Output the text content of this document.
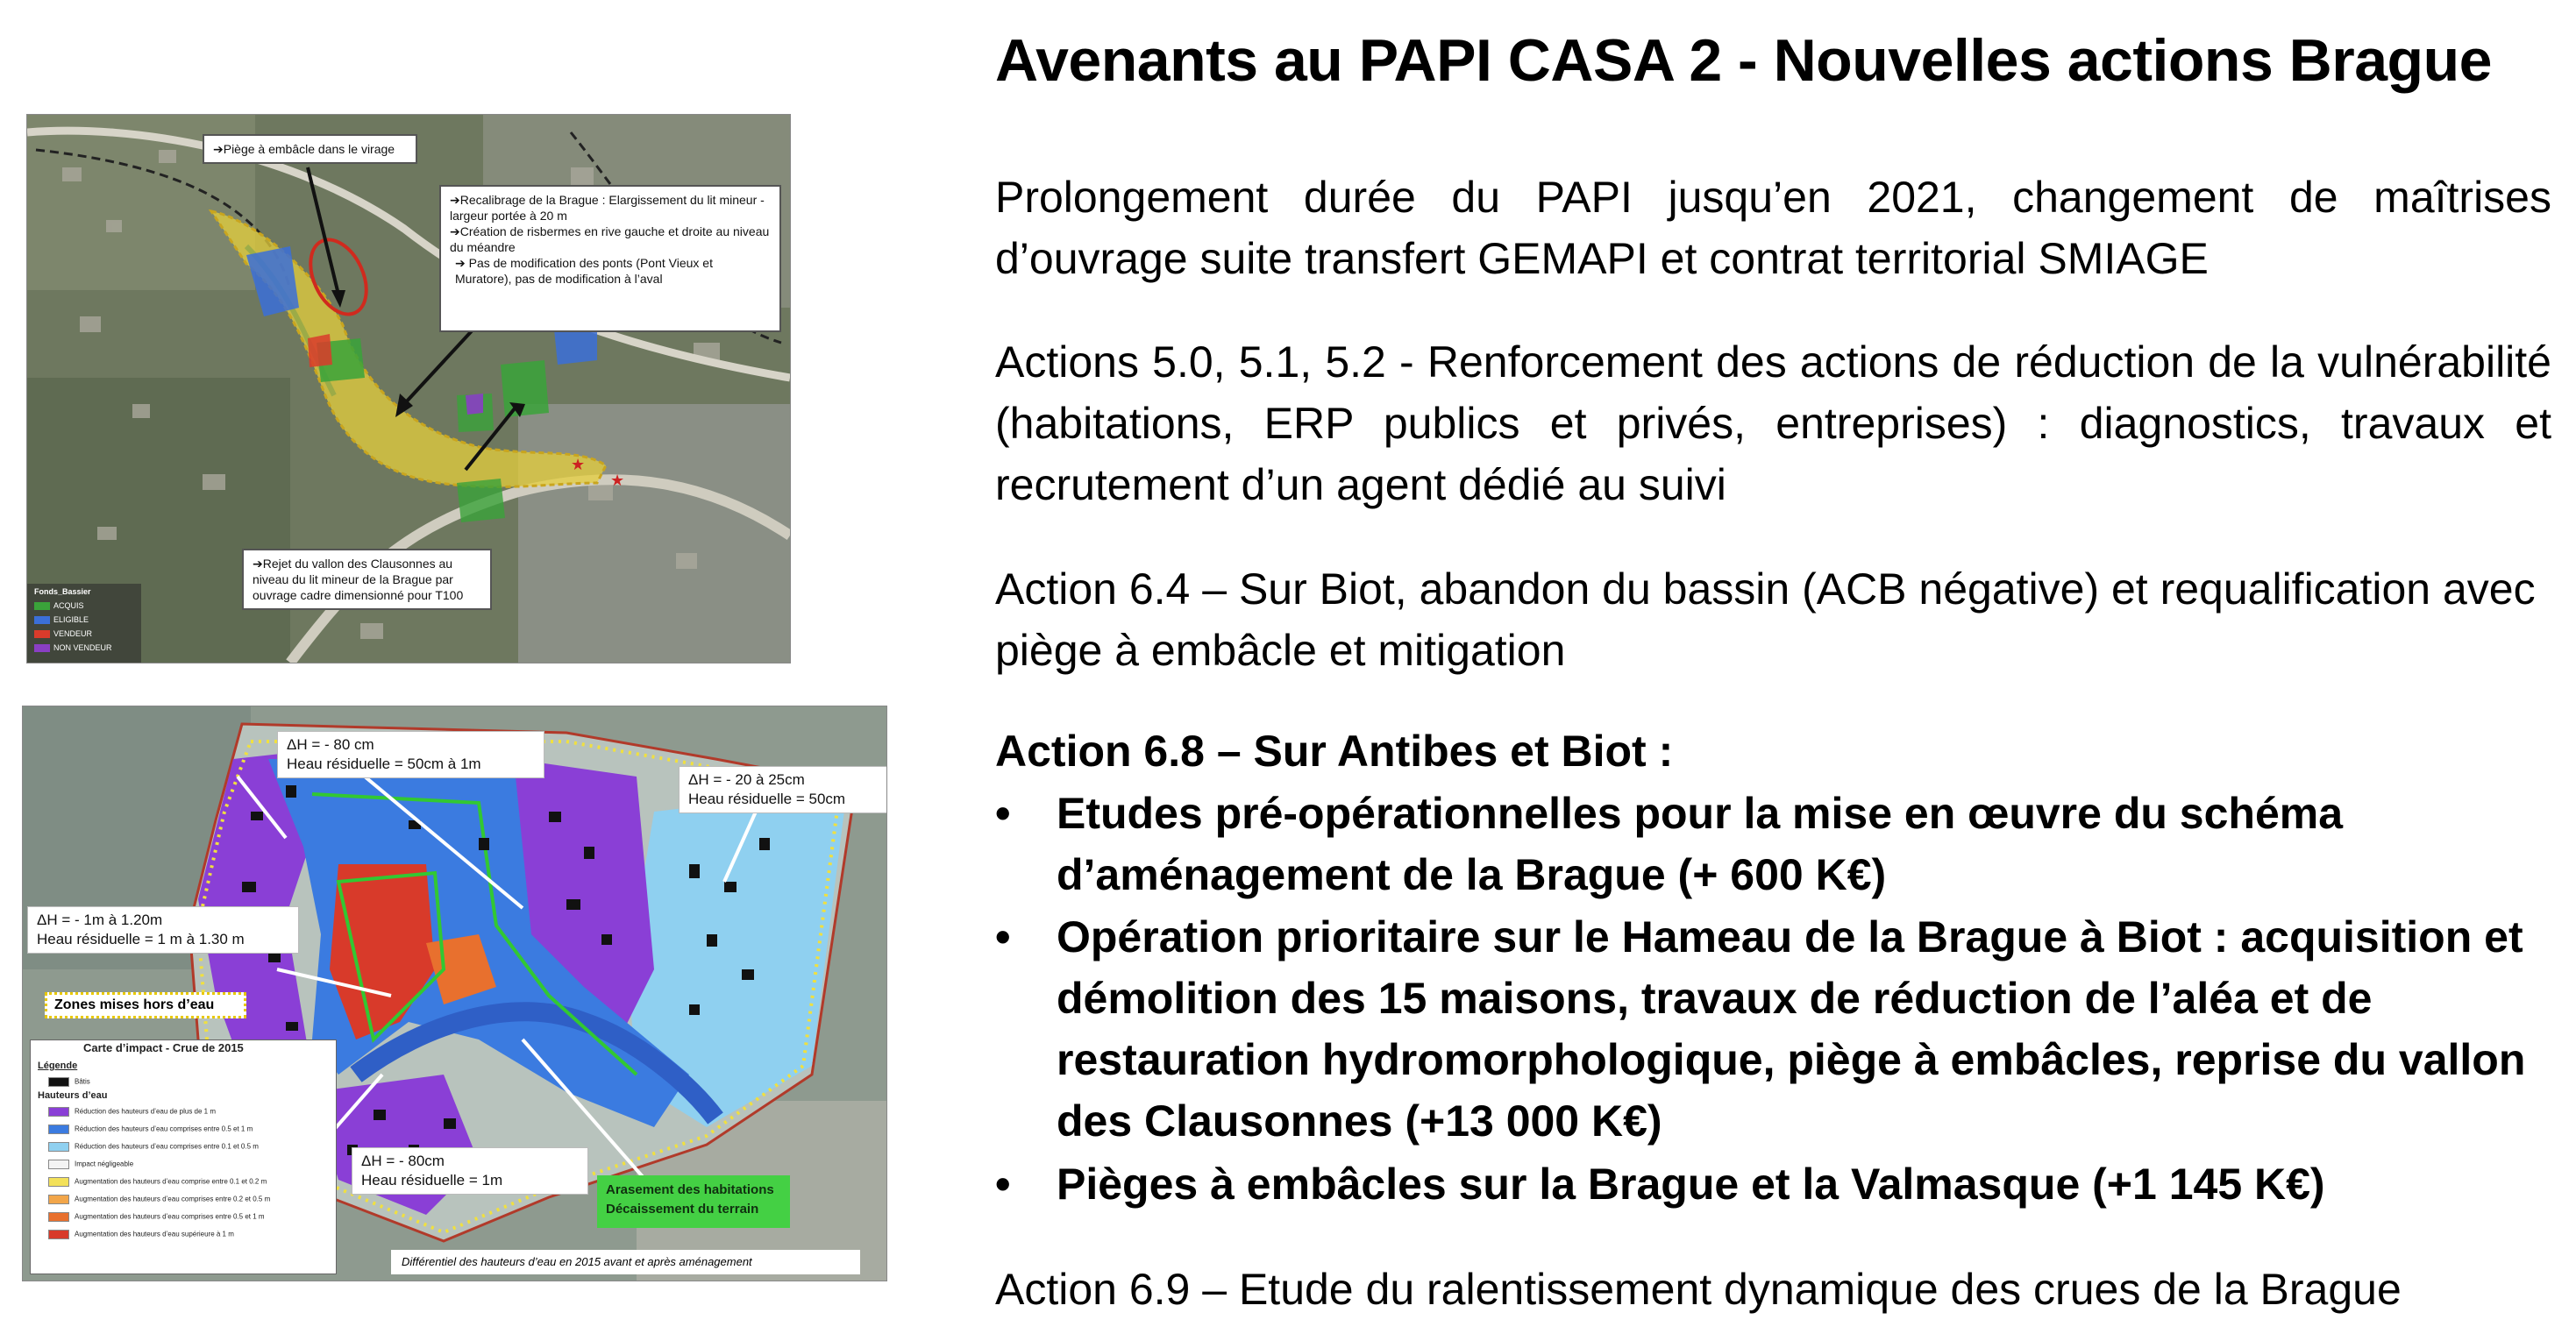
Avenants au PAPI CASA 2 - Nouvelles actions Brague
Prolongement durée du PAPI jusqu’en 2021, changement de maîtrises d’ouvrage suite transfert GEMAPI et contrat territorial SMIAGE
Actions 5.0, 5.1, 5.2 - Renforcement des actions de réduction de la vulnérabilité (habitations, ERP publics et privés, entreprises) : diagnostics, travaux et recrutement d’un agent dédié au suivi
Action 6.4 – Sur Biot, abandon du bassin (ACB négative) et requalification avec piège à embâcle et mitigation
Action 6.8 – Sur Antibes et Biot :
•	Etudes pré-opérationnelles pour la mise en œuvre du schéma d’aménagement de la Brague (+ 600 K€)
•	Opération prioritaire sur le Hameau de la Brague à Biot : acquisition et démolition des 15 maisons, travaux de réduction de l’aléa et de restauration hydromorphologique, piège à embâcles, reprise du vallon des Clausonnes (+13 000 K€)
•	Pièges à embâcles sur la Brague et la Valmasque (+1 145 K€)
Action 6.9 – Etude du ralentissement dynamique des crues de la Brague
★
★
➔Piège à embâcle dans le virage
➔Recalibrage de la Brague : Elargissement du lit mineur - largeur portée à 20 m
➔Création de risbermes en rive gauche et droite au niveau du méandre
➔ Pas de modification des ponts (Pont Vieux et Muratore), pas de modification à l’aval
➔Rejet du vallon des Clausonnes au niveau du lit mineur de la Brague par ouvrage cadre dimensionné pour T100
Fonds_Bassier
ACQUIS
ELIGIBLE
VENDEUR
NON VENDEUR
ΔH = - 80 cm
Heau résiduelle = 50cm à 1m
ΔH = - 20 à 25cm
Heau résiduelle = 50cm
ΔH = - 1m à 1.20m
Heau résiduelle = 1 m à 1.30 m
ΔH = - 80cm
Heau résiduelle = 1m
Zones mises hors d’eau
Arasement des habitations
Décaissement du terrain
Différentiel des hauteurs d’eau en 2015 avant et après aménagement
Carte d’impact - Crue de 2015
Légende
Bâtis
Hauteurs d’eau
Réduction des hauteurs d’eau de plus de 1 m
Réduction des hauteurs d’eau comprises entre 0.5 et 1 m
Réduction des hauteurs d’eau comprises entre 0.1 et 0.5 m
Impact négligeable
Augmentation des hauteurs d’eau comprise entre 0.1 et 0.2 m
Augmentation des hauteurs d’eau comprises entre 0.2 et 0.5 m
Augmentation des hauteurs d’eau comprises entre 0.5 et 1 m
Augmentation des hauteurs d’eau supérieure à 1 m
